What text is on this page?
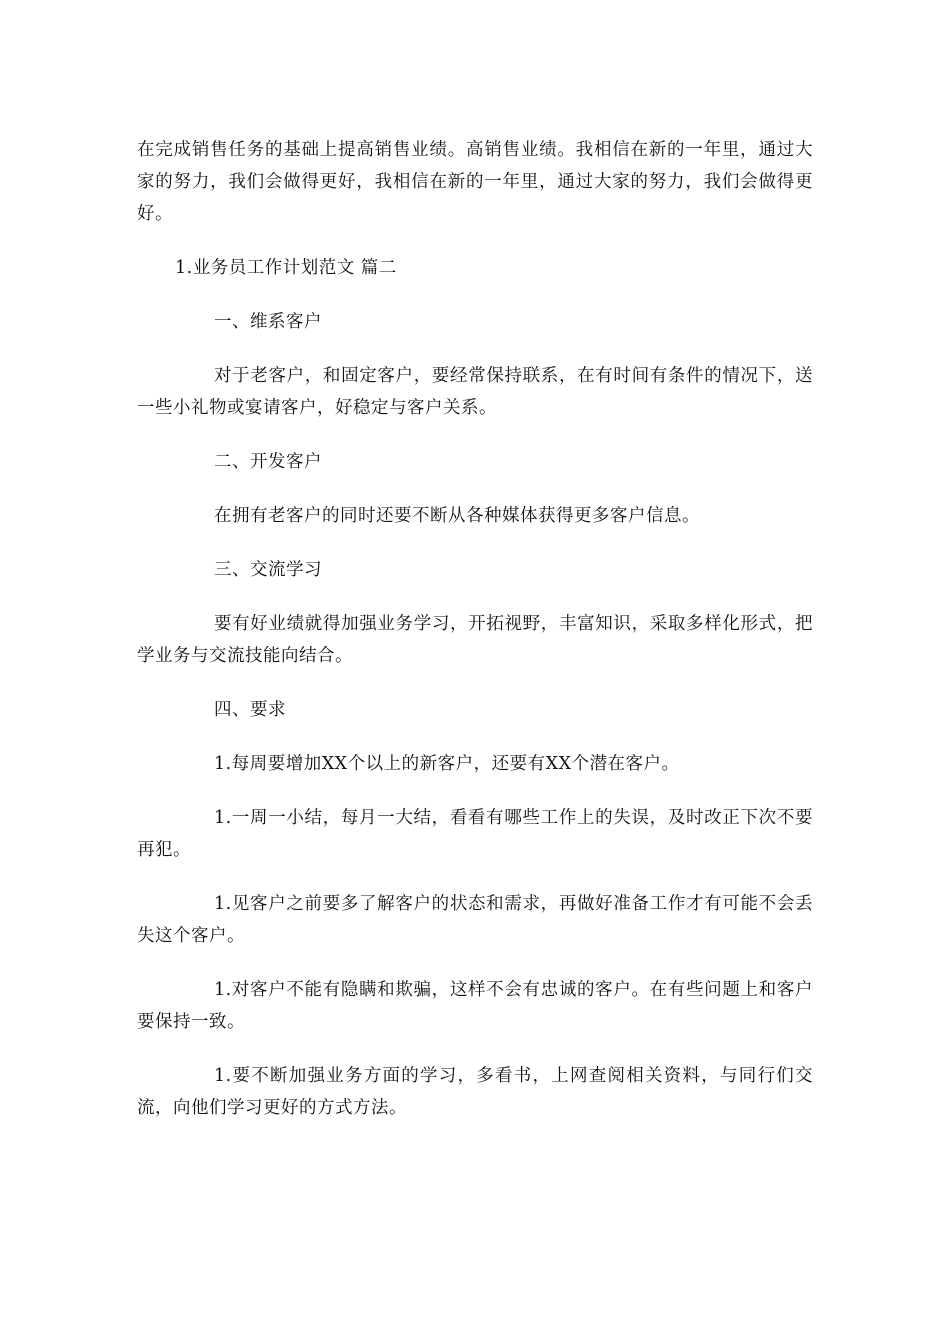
在完成销售任务的基础上提高销售业绩。高销售业绩。我相信在新的一年里，通过大家的努力，我们会做得更好，我相信在新的一年里，通过大家的努力，我们会做得更好。

1.业务员工作计划范文 篇二

一、维系客户

对于老客户，和固定客户，要经常保持联系，在有时间有条件的情况下，送一些小礼物或宴请客户，好稳定与客户关系。

二、开发客户

在拥有老客户的同时还要不断从各种媒体获得更多客户信息。

三、交流学习

要有好业绩就得加强业务学习，开拓视野，丰富知识，采取多样化形式，把学业务与交流技能向结合。

四、要求

1.每周要增加XX个以上的新客户，还要有XX个潜在客户。

1.一周一小结，每月一大结，看看有哪些工作上的失误，及时改正下次不要再犯。

1.见客户之前要多了解客户的状态和需求，再做好准备工作才有可能不会丢失这个客户。

1.对客户不能有隐瞒和欺骗，这样不会有忠诚的客户。在有些问题上和客户要保持一致。

1.要不断加强业务方面的学习，多看书，上网查阅相关资料，与同行们交流，向他们学习更好的方式方法。
